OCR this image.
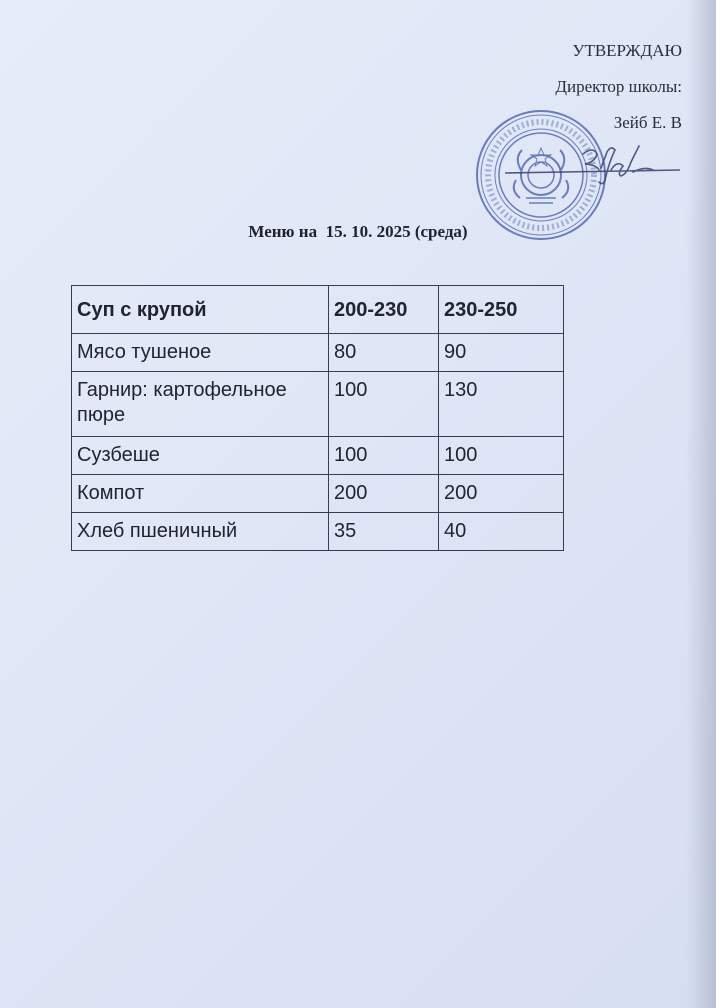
УТВЕРЖДАЮ
Директор школы:
Зейб Е. В
Меню на  15. 10. 2025 (среда)
Суп с крупой	200-230	230-250
Мясо тушеное	80	90
Гарнир: картофельное пюре	100	130
Сузбеше	100	100
Компот	200	200
Хлеб пшеничный	35	40
